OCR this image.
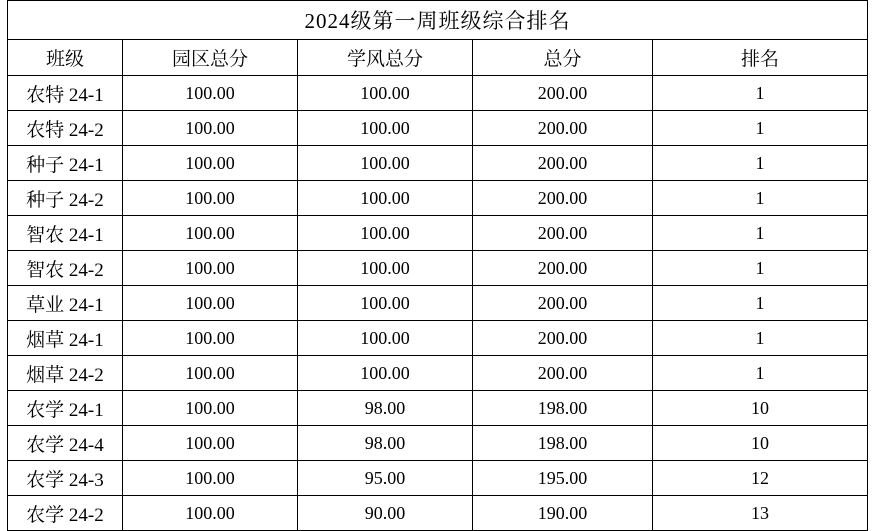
2024级第一周班级综合排名				
班级	园区总分	学风总分	总分	排名
农特 24-1	100.00	100.00	200.00	1
农特 24-2	100.00	100.00	200.00	1
种子 24-1	100.00	100.00	200.00	1
种子 24-2	100.00	100.00	200.00	1
智农 24-1	100.00	100.00	200.00	1
智农 24-2	100.00	100.00	200.00	1
草业 24-1	100.00	100.00	200.00	1
烟草 24-1	100.00	100.00	200.00	1
烟草 24-2	100.00	100.00	200.00	1
农学 24-1	100.00	98.00	198.00	10
农学 24-4	100.00	98.00	198.00	10
农学 24-3	100.00	95.00	195.00	12
农学 24-2	100.00	90.00	190.00	13
